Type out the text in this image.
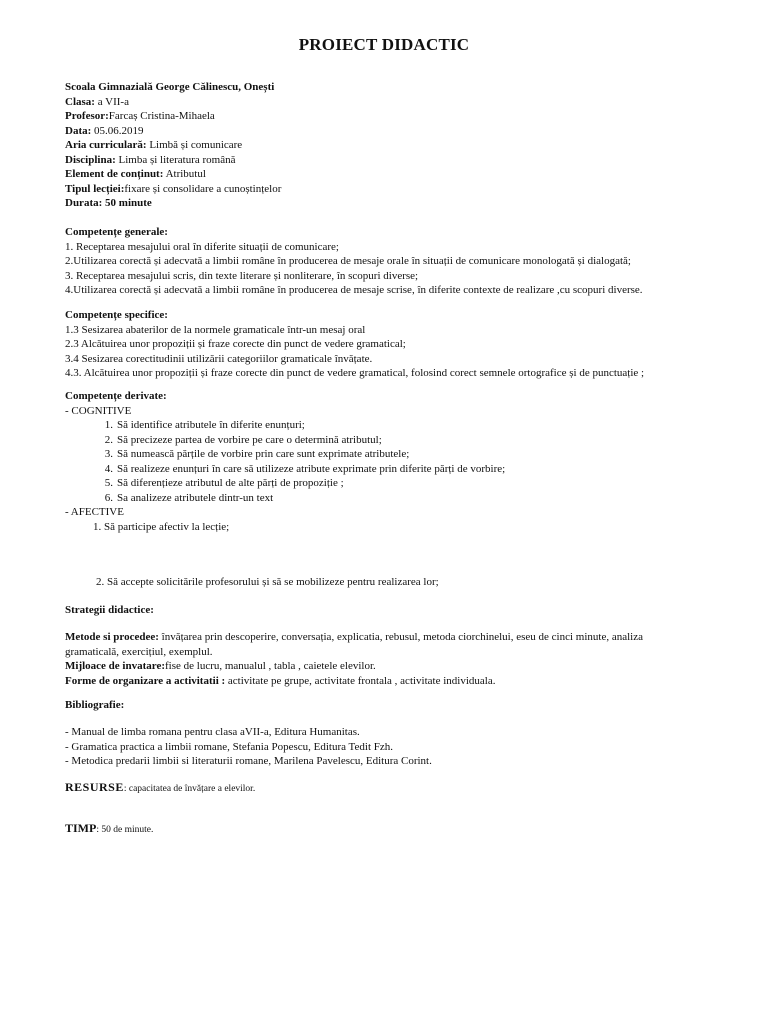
PROIECT DIDACTIC
Scoala Gimnazială George Călinescu, Onești
Clasa: a VII-a
Profesor:Farcaș Cristina-Mihaela
Data: 05.06.2019
Aria curriculară: Limbă și comunicare
Disciplina: Limba și literatura română
Element de conținut: Atributul
Tipul lecției:fixare și consolidare a cunoștințelor
Durata: 50 minute
Competențe generale:
1. Receptarea mesajului oral în diferite situații de comunicare;
2.Utilizarea corectă și adecvată a limbii române în producerea de mesaje orale în situații de comunicare monologată și dialogată;
3. Receptarea mesajului scris, din texte literare și nonliterare, în scopuri diverse;
4.Utilizarea corectă și adecvată a limbii române în producerea de mesaje scrise, în diferite contexte de realizare ,cu scopuri diverse.
Competențe specifice:
1.3 Sesizarea abaterilor de la normele gramaticale într-un mesaj oral
2.3 Alcătuirea unor propoziții și fraze corecte din punct de vedere gramatical;
3.4 Sesizarea corectitudinii utilizării categoriilor gramaticale învățate.
4.3. Alcătuirea unor propoziții și fraze corecte din punct de vedere gramatical, folosind corect semnele ortografice și de punctuație ;
Competențe derivate:
- COGNITIVE
1. Să identifice atributele în diferite enunțuri;
2. Să precizeze partea de vorbire pe care o determină atributul;
3. Să numească părțile de vorbire prin care sunt exprimate atributele;
4. Să realizeze enunțuri în care să utilizeze atribute exprimate prin diferite părți de vorbire;
5. Să diferențieze atributul de alte părți de propoziție ;
6. Sa analizeze atributele dintr-un text
- AFECTIVE
1. Să participe afectiv la lecție;
2. Să accepte solicitările profesorului și să se mobilizeze pentru realizarea lor;
Strategii didactice:
Metode si procedee: învățarea prin descoperire, conversația, explicatia, rebusul, metoda ciorchinelui, eseu de cinci minute, analiza
gramaticală, exercițiul, exemplul.
Mijloace de invatare:fise de lucru, manualul , tabla , caietele elevilor.
Forme de organizare a activitatii : activitate pe grupe, activitate frontala , activitate individuala.
Bibliografie:
- Manual de limba romana pentru clasa aVII-a, Editura Humanitas.
- Gramatica practica a limbii romane, Stefania Popescu, Editura Tedit Fzh.
- Metodica predarii limbii si literaturii romane, Marilena Pavelescu, Editura Corint.
RESURSE: capacitatea de învățare a elevilor.
TIMP: 50 de minute.
